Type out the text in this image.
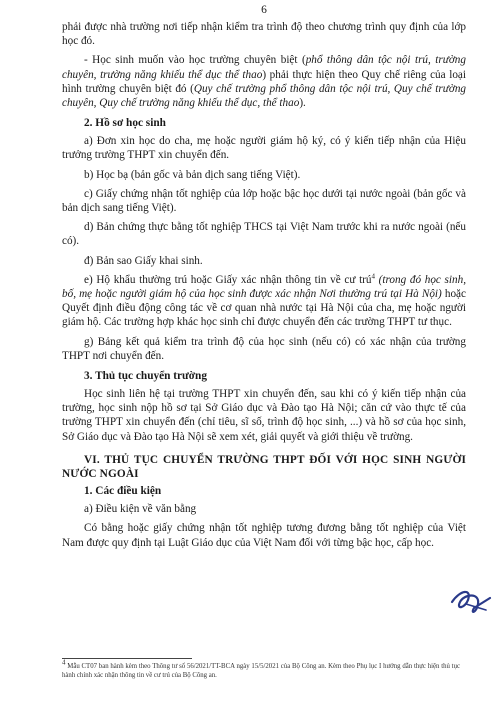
6

phải được nhà trường nơi tiếp nhận kiểm tra trình độ theo chương trình quy định của lớp học đó.

- Học sinh muốn vào học trường chuyên biệt (phổ thông dân tộc nội trú, trường chuyên, trường năng khiếu thể dục thể thao) phải thực hiện theo Quy chế riêng của loại hình trường chuyên biệt đó (Quy chế trường phổ thông dân tộc nội trú, Quy chế trường chuyên, Quy chế trường năng khiếu thể dục, thể thao).

2. Hồ sơ học sinh

a) Đơn xin học do cha, mẹ hoặc người giám hộ ký, có ý kiến tiếp nhận của Hiệu trưởng trường THPT xin chuyển đến.

b) Học bạ (bản gốc và bản dịch sang tiếng Việt).

c) Giấy chứng nhận tốt nghiệp của lớp hoặc bậc học dưới tại nước ngoài (bản gốc và bản dịch sang tiếng Việt).

d) Bản chứng thực bằng tốt nghiệp THCS tại Việt Nam trước khi ra nước ngoài (nếu có).

đ) Bản sao Giấy khai sinh.

e) Hộ khẩu thường trú hoặc Giấy xác nhận thông tin về cư trú$^4$ (trong đó học sinh, bố, mẹ hoặc người giám hộ của học sinh được xác nhận Nơi thường trú tại Hà Nội) hoặc Quyết định điều động công tác về cơ quan nhà nước tại Hà Nội của cha, mẹ hoặc người giám hộ. Các trường hợp khác học sinh chỉ được chuyển đến các trường THPT tư thục.

g) Bảng kết quả kiểm tra trình độ của học sinh (nếu có) có xác nhận của trường THPT nơi chuyển đến.

3. Thủ tục chuyển trường

Học sinh liên hệ tại trường THPT xin chuyển đến, sau khi có ý kiến tiếp nhận của trường, học sinh nộp hồ sơ tại Sở Giáo dục và Đào tạo Hà Nội; căn cứ vào thực tế của trường THPT xin chuyển đến (chỉ tiêu, sĩ số, trình độ học sinh, ...) và hồ sơ của học sinh, Sở Giáo dục và Đào tạo Hà Nội sẽ xem xét, giải quyết và giới thiệu về trường.

VI. THỦ TỤC CHUYỂN TRƯỜNG THPT ĐỐI VỚI HỌC SINH NGƯỜI NƯỚC NGOÀI
1. Các điều kiện

a) Điều kiện về văn bằng

Có bằng hoặc giấy chứng nhận tốt nghiệp tương đương bằng tốt nghiệp của Việt Nam được quy định tại Luật Giáo dục của Việt Nam đối với từng bậc học, cấp học.

$^4$ Mẫu CT07 ban hành kèm theo Thông tư số 56/2021/TT-BCA ngày 15/5/2021 của Bộ Công an. Kèm theo Phụ lục I hướng dẫn thực hiện thủ tục hành chính xác nhận thông tin về cư trú của Bộ Công an.
